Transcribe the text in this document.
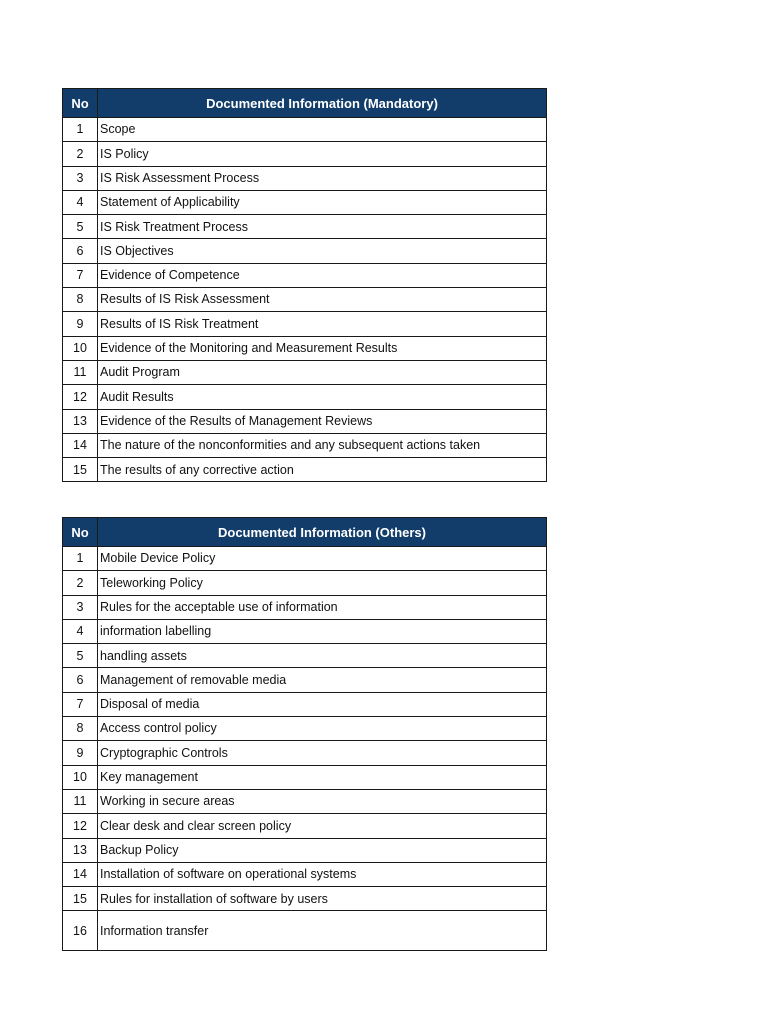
No	Documented Information (Mandatory)
1	Scope
2	IS Policy
3	IS Risk Assessment Process
4	Statement of Applicability
5	IS Risk Treatment Process
6	IS Objectives
7	Evidence of Competence
8	Results of IS Risk Assessment
9	Results of IS Risk Treatment
10	Evidence of the Monitoring and Measurement Results
11	Audit Program
12	Audit Results
13	Evidence of the Results of Management Reviews
14	The nature of the nonconformities and any subsequent actions taken
15	The results of any corrective action
No	Documented Information (Others)
1	Mobile Device Policy
2	Teleworking Policy
3	Rules for the acceptable use of information
4	information labelling
5	handling assets
6	Management of removable media
7	Disposal of media
8	Access control policy
9	Cryptographic Controls
10	Key management
11	Working in secure areas
12	Clear desk and clear screen policy
13	Backup Policy
14	Installation of software on operational systems
15	Rules for installation of software by users
16	Information transfer
